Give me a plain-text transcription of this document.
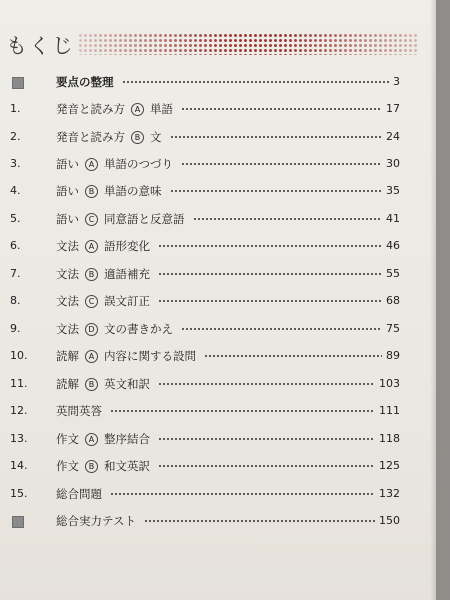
もくじ
要点の整理	3
1.	発音と読み方 A 単語	17
2.	発音と読み方 B 文	24
3.	語い A 単語のつづり	30
4.	語い B 単語の意味	35
5.	語い C 同意語と反意語	41
6.	文法 A 語形変化	46
7.	文法 B 適語補充	55
8.	文法 C 誤文訂正	68
9.	文法 D 文の書きかえ	75
10.	読解 A 内容に関する設問	89
11.	読解 B 英文和訳	103
12.	英問英答	111
13.	作文 A 整序結合	118
14.	作文 B 和文英訳	125
15.	総合問題	132
総合実力テスト	150
